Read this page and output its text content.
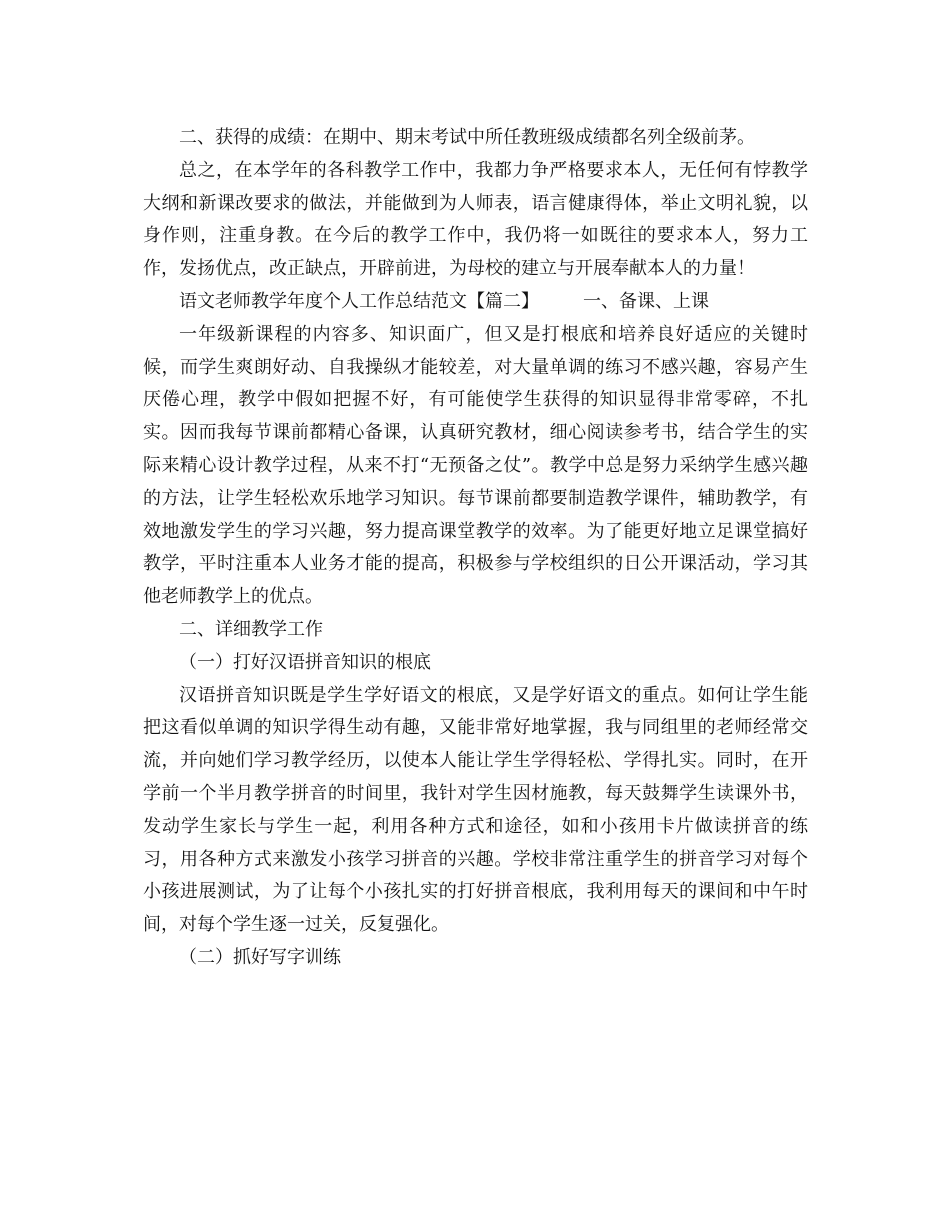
二、获得的成绩：在期中、期末考试中所任教班级成绩都名列全级前茅。

总之，在本学年的各科教学工作中，我都力争严格要求本人，无任何有悖教学大纲和新课改要求的做法，并能做到为人师表，语言健康得体，举止文明礼貌，以身作则，注重身教。在今后的教学工作中，我仍将一如既往的要求本人，努力工作，发扬优点，改正缺点，开辟前进，为母校的建立与开展奉献本人的力量！

语文老师教学年度个人工作总结范文【篇二】 一、备课、上课

一年级新课程的内容多、知识面广，但又是打根底和培养良好适应的关键时候，而学生爽朗好动、自我操纵才能较差，对大量单调的练习不感兴趣，容易产生厌倦心理，教学中假如把握不好，有可能使学生获得的知识显得非常零碎，不扎实。因而我每节课前都精心备课，认真研究教材，细心阅读参考书，结合学生的实际来精心设计教学过程，从来不打“无预备之仗”。教学中总是努力采纳学生感兴趣的方法，让学生轻松欢乐地学习知识。每节课前都要制造教学课件，辅助教学，有效地激发学生的学习兴趣，努力提高课堂教学的效率。为了能更好地立足课堂搞好教学，平时注重本人业务才能的提高，积极参与学校组织的日公开课活动，学习其他老师教学上的优点。

二、详细教学工作

（一）打好汉语拼音知识的根底

汉语拼音知识既是学生学好语文的根底，又是学好语文的重点。如何让学生能把这看似单调的知识学得生动有趣，又能非常好地掌握，我与同组里的老师经常交流，并向她们学习教学经历，以使本人能让学生学得轻松、学得扎实。同时，在开学前一个半月教学拼音的时间里，我针对学生因材施教，每天鼓舞学生读课外书，发动学生家长与学生一起，利用各种方式和途径，如和小孩用卡片做读拼音的练习，用各种方式来激发小孩学习拼音的兴趣。学校非常注重学生的拼音学习对每个小孩进展测试，为了让每个小孩扎实的打好拼音根底，我利用每天的课间和中午时间，对每个学生逐一过关，反复强化。

（二）抓好写字训练
